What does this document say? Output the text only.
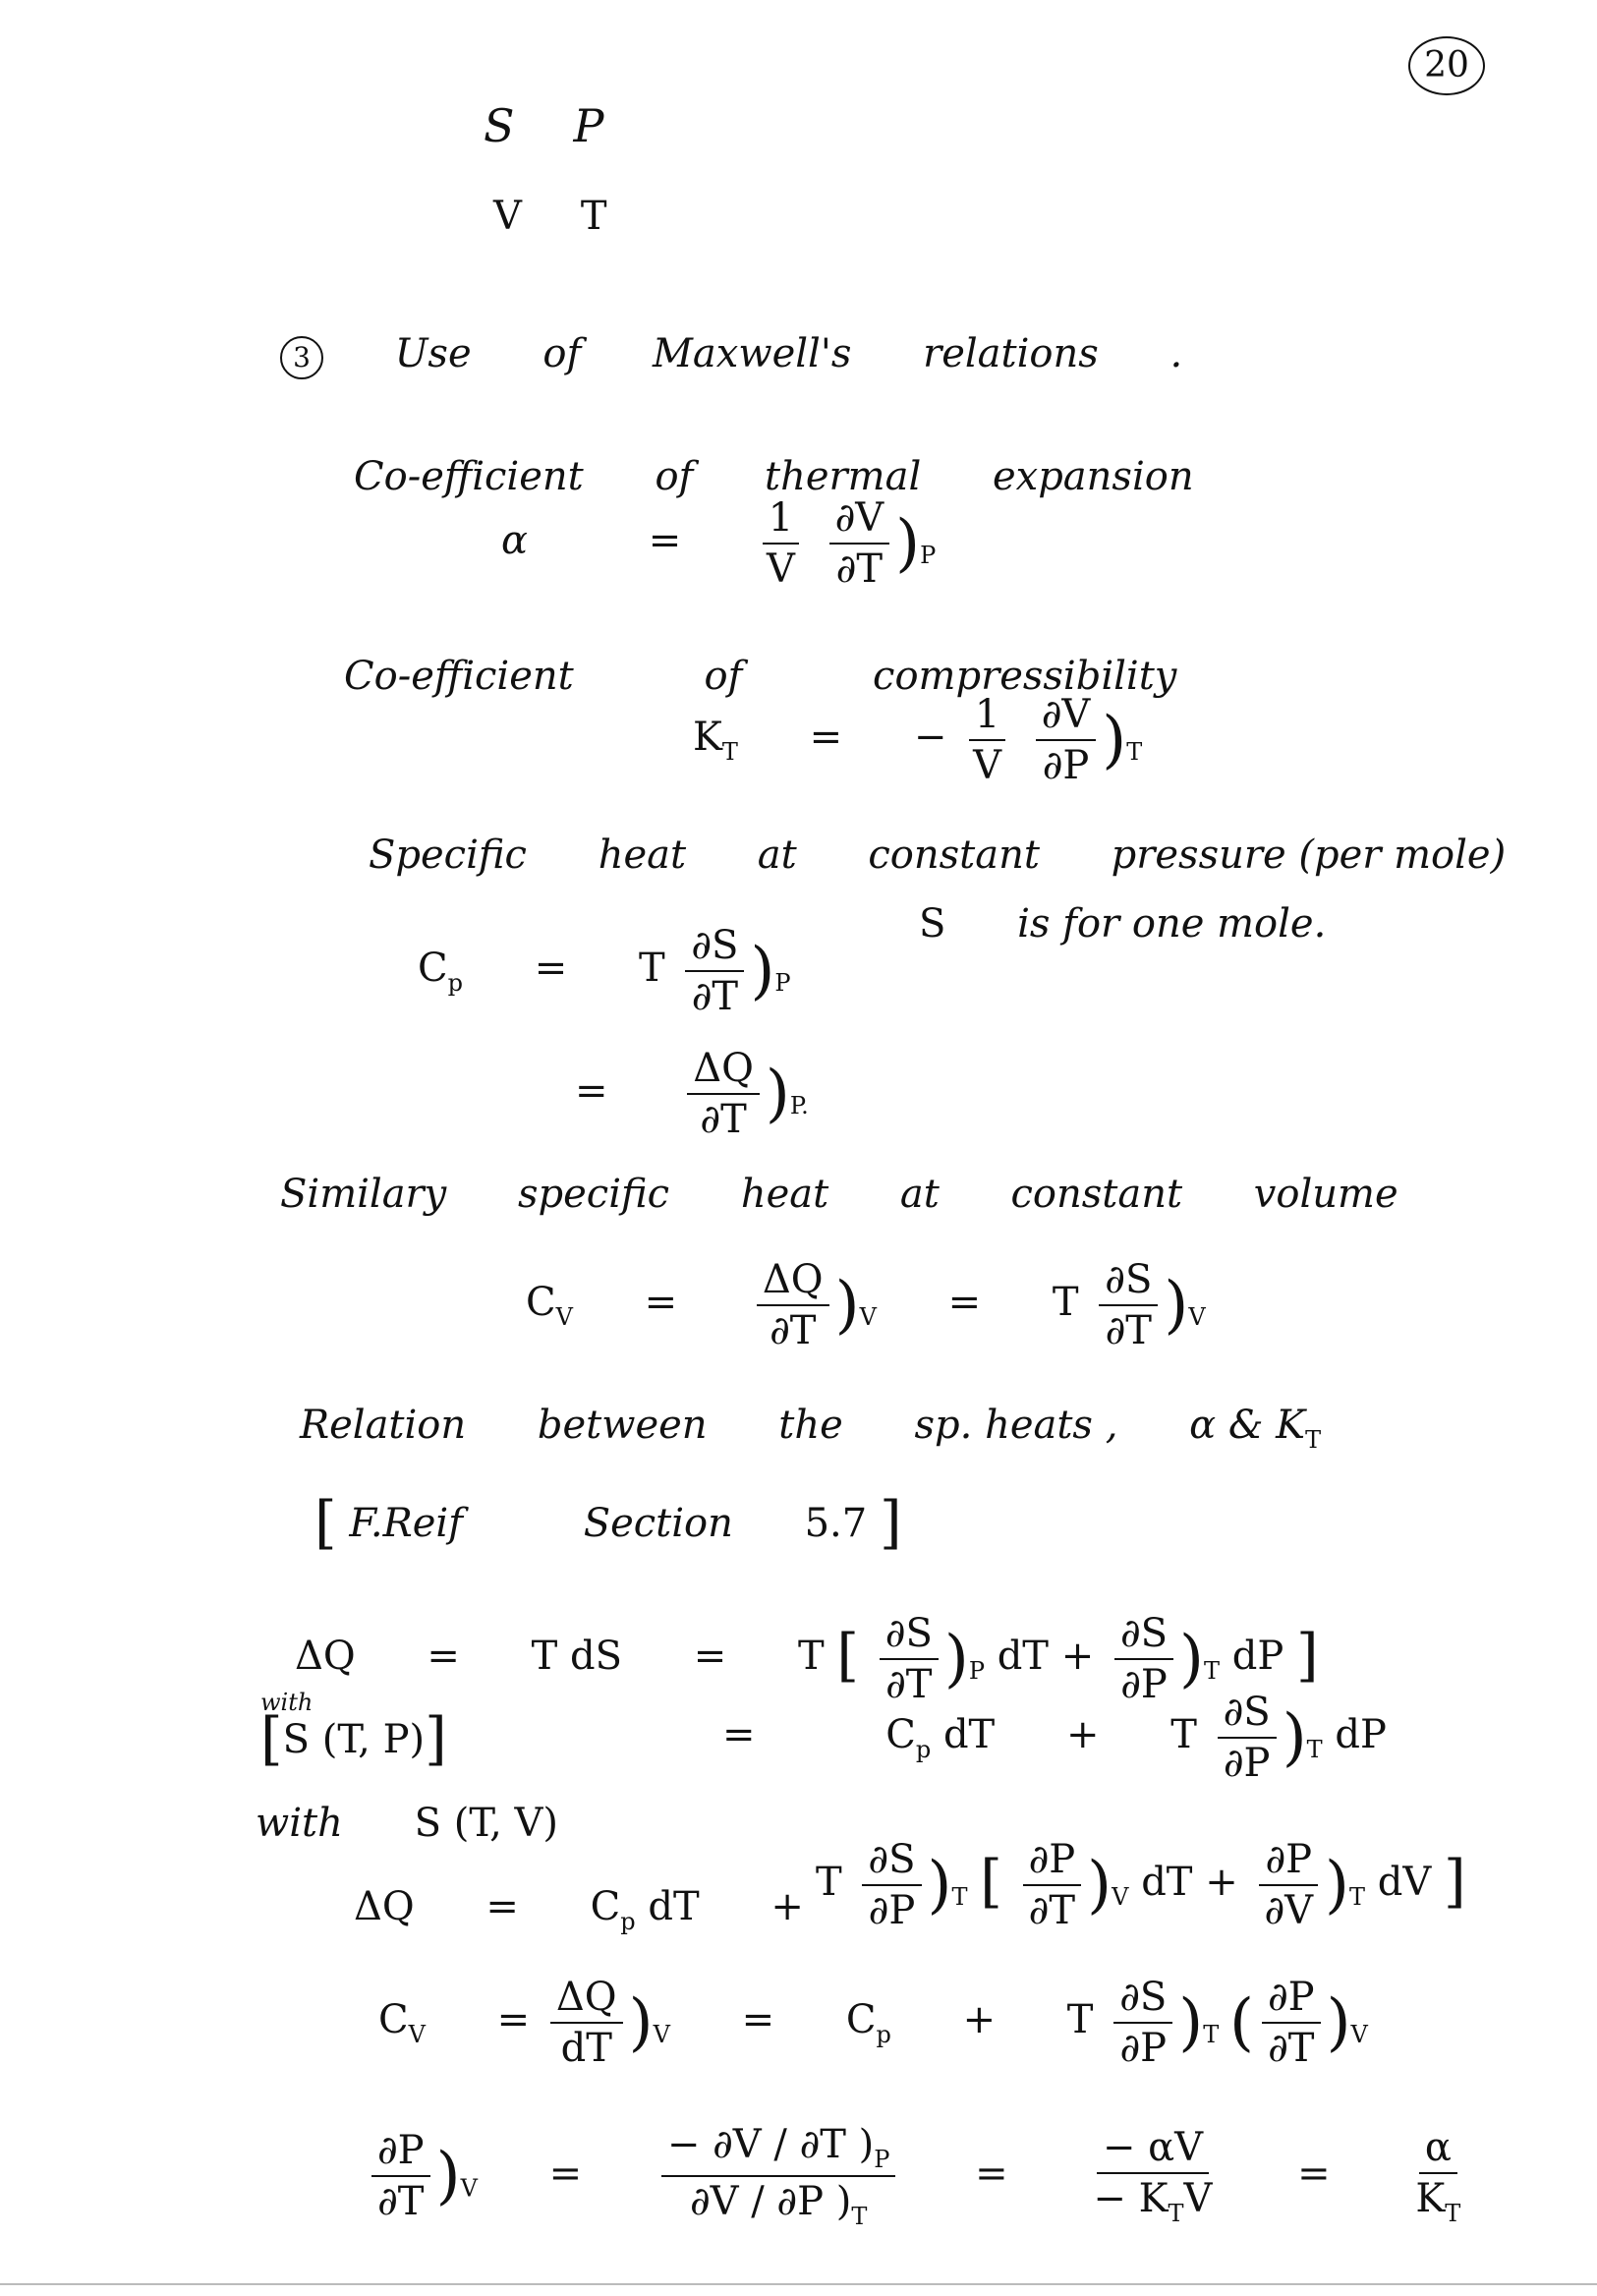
20
S P
V T
3 Use of Maxwell's relations .
Co-efficient of thermal expansion
α	= $\frac{1}{V}$
$\frac{\partial V}{\partial T} )_P$
Co-efficient	of	compressibility
$K_T$ = − $\frac{1}{V}$
$\frac{\partial V}{\partial P} )_T$
Specific heat at constant pressure (per mole)
$C_p = T \frac{\partial S}{\partial T} )_P$
S is for one mole.
= $\frac{\Delta Q}{\partial T} )_{P.}$
Similary specific heat at constant volume
$C_V = \frac{\Delta Q}{\partial T} )_V = T \frac{\partial S}{\partial T} )_V$
Relation between the sp. heats , α & $K_T$
[ F.Reif	Section 5.7 ]
ΔQ = T dS = T [ $\frac{\partial S}{\partial T} )_P$ dT + $\frac{\partial S}{\partial P} )_T$ dP ]
with
[S (T, P)]	=	$C_p$ dT + T $\frac{\partial S}{\partial P} )_T$ dP
with S (T, V)
T $\frac{\partial S}{\partial P} )_T$ [ $\frac{\partial P}{\partial T} )_V$ dT + $\frac{\partial P}{\partial V} )_T$ dV ]
$\Delta Q = C_p$ dT +
$C_V = \frac{\Delta Q}{dT} )_V = C_p + T \frac{\partial S}{\partial P} )_T$ ( $\frac{\partial P}{\partial T} )_V$
$\frac{\partial P}{\partial T} )_V = \frac{- \partial V / \partial T )_P}{\partial V / \partial P )_T} = \frac{- \alpha V}{- K_TV} = \frac{\alpha}{K_T}$
